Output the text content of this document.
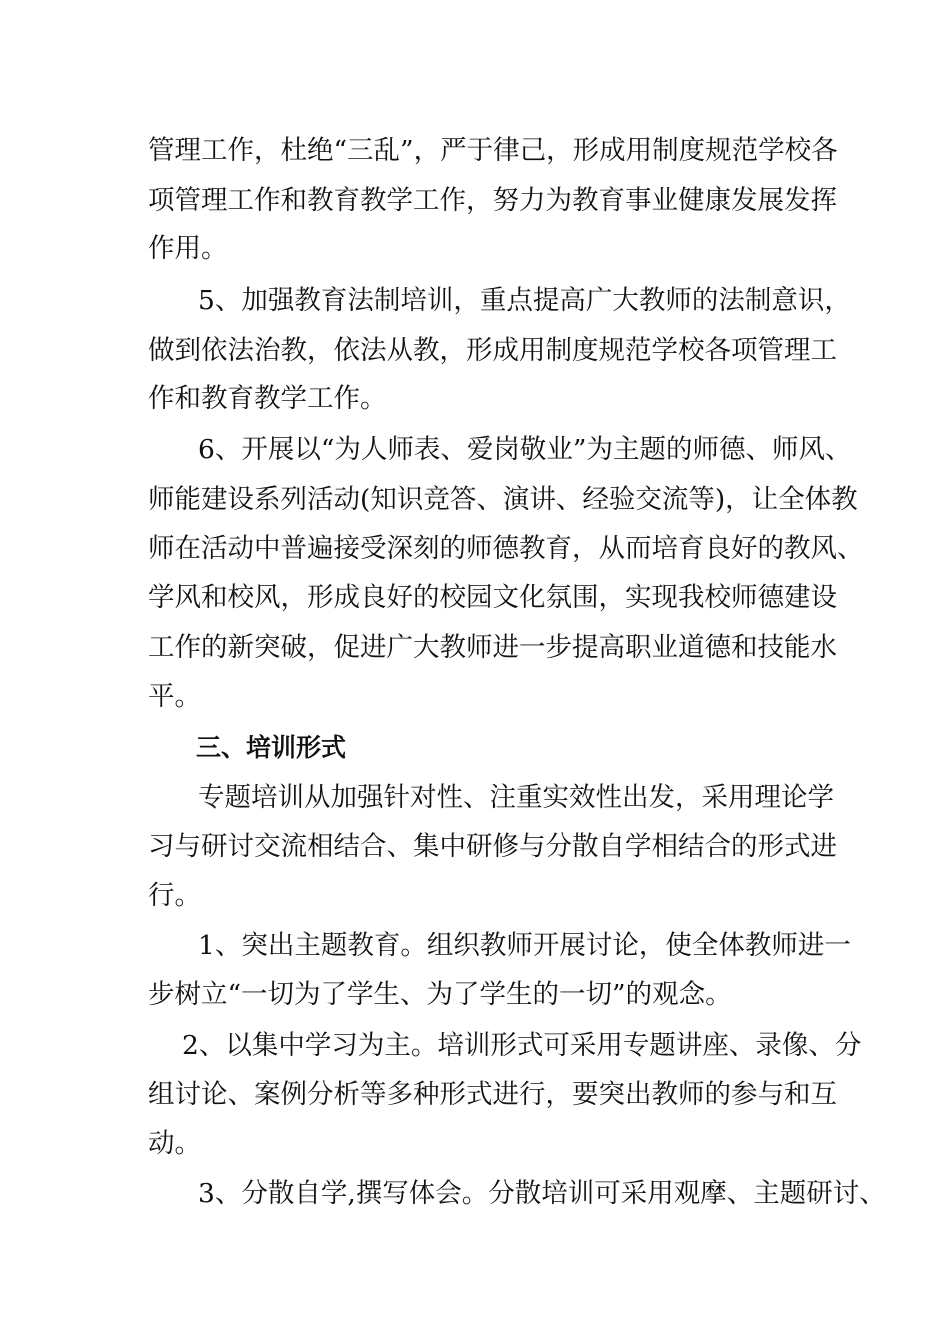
管理工作，杜绝“三乱”，严于律己，形成用制度规范学校各

项管理工作和教育教学工作，努力为教育事业健康发展发挥

作用。

5、加强教育法制培训，重点提高广大教师的法制意识，

做到依法治教，依法从教，形成用制度规范学校各项管理工

作和教育教学工作。

6、开展以“为人师表、爱岗敬业”为主题的师德、师风、

师能建设系列活动(知识竞答、演讲、经验交流等)，让全体教

师在活动中普遍接受深刻的师德教育，从而培育良好的教风、

学风和校风，形成良好的校园文化氛围，实现我校师德建设

工作的新突破，促进广大教师进一步提高职业道德和技能水

平。

三、培训形式

专题培训从加强针对性、注重实效性出发，采用理论学

习与研讨交流相结合、集中研修与分散自学相结合的形式进

行。

1、突出主题教育。组织教师开展讨论，使全体教师进一

步树立“一切为了学生、为了学生的一切”的观念。

2、以集中学习为主。培训形式可采用专题讲座、录像、分

组讨论、案例分析等多种形式进行，要突出教师的参与和互

动。

3、分散自学,撰写体会。分散培训可采用观摩、主题研讨、
